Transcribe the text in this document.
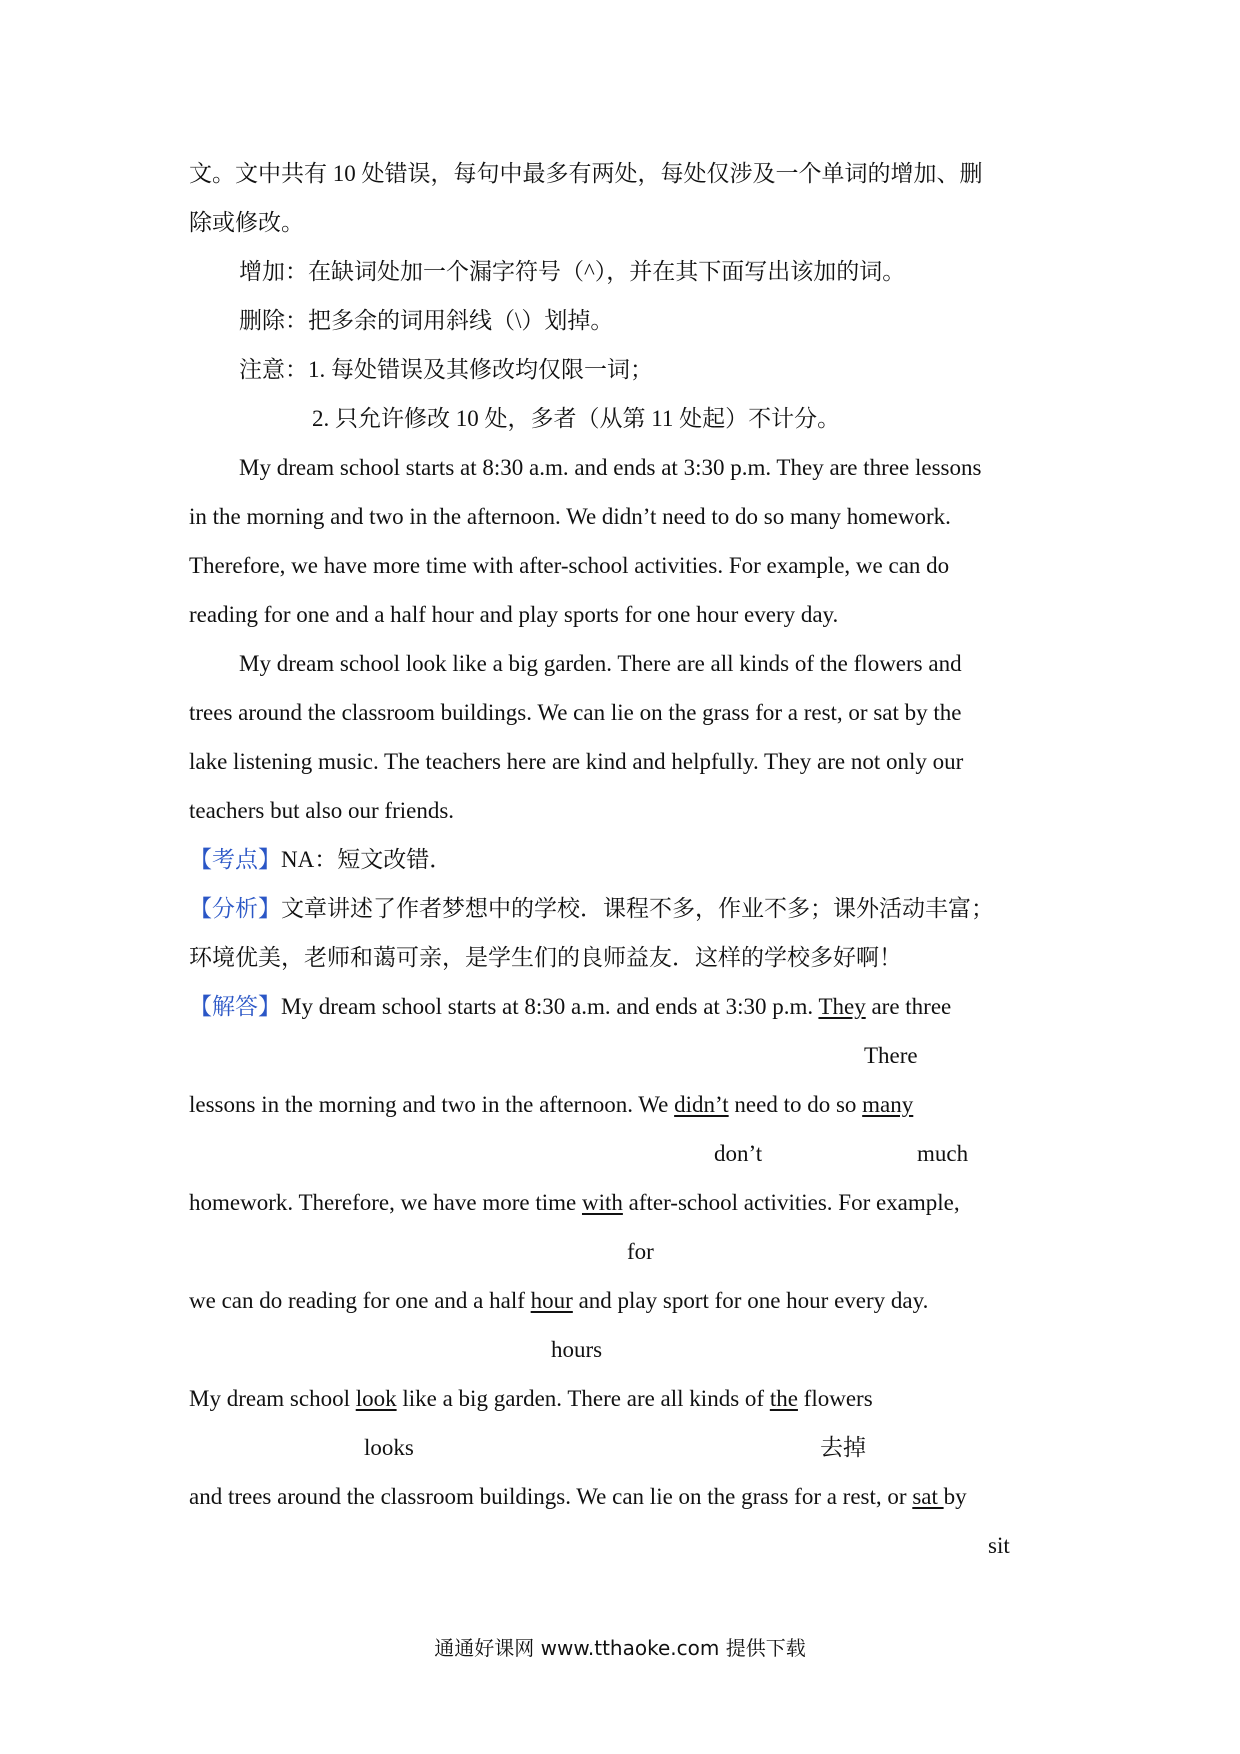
文。文中共有 10 处错误，每句中最多有两处，每处仅涉及一个单词的增加、删
除或修改。
增加：在缺词处加一个漏字符号（^），并在其下面写出该加的词。
删除：把多余的词用斜线（\）划掉。
注意：1. 每处错误及其修改均仅限一词；
2. 只允许修改 10 处，多者（从第 11 处起）不计分。
My dream school starts at 8:30 a.m. and ends at 3:30 p.m. They are three lessons
in the morning and two in the afternoon. We didn’t need to do so many homework.
Therefore, we have more time with after-school activities. For example, we can do
reading for one and a half hour and play sports for one hour every day.
My dream school look like a big garden. There are all kinds of the flowers and
trees around the classroom buildings. We can lie on the grass for a rest, or sat by the
lake listening music. The teachers here are kind and helpfully. They are not only our
teachers but also our friends.
【考点】NA：短文改错．
【分析】文章讲述了作者梦想中的学校．课程不多，作业不多；课外活动丰富；
环境优美，老师和蔼可亲，是学生们的良师益友．这样的学校多好啊！
【解答】My dream school starts at 8:30 a.m. and ends at 3:30 p.m. They are three
There
lessons in the morning and two in the afternoon. We didn’t need to do so many
don’t	much
homework. Therefore, we have more time with after-school activities. For example,
for
we can do reading for one and a half hour and play sport for one hour every day.
hours
My dream school look like a big garden. There are all kinds of the flowers
looks	去掉
and trees around the classroom buildings. We can lie on the grass for a rest, or sat by
sit
通通好课网 www.tthaoke.com 提供下载
